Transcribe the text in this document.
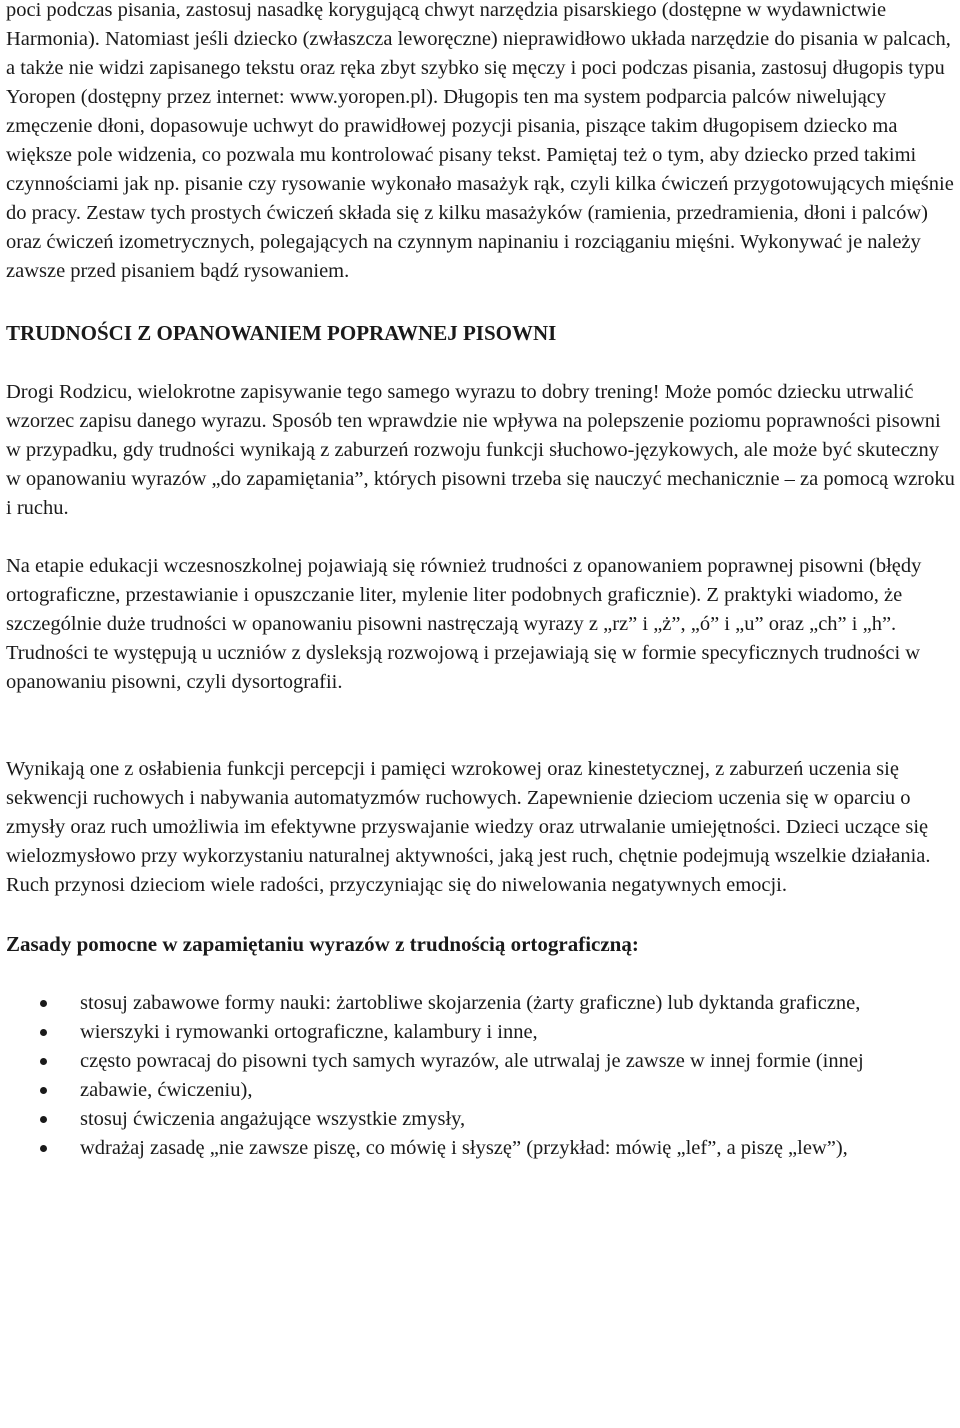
poci podczas pisania, zastosuj nasadkę korygującą chwyt narzędzia pisarskiego (dostępne w wydawnictwie Harmonia). Natomiast jeśli dziecko (zwłaszcza leworęczne) nieprawidłowo układa narzędzie do pisania w palcach, a także nie widzi zapisanego tekstu oraz ręka zbyt szybko się męczy i poci podczas pisania, zastosuj długopis typu Yoropen (dostępny przez internet: www.yoropen.pl). Długopis ten ma system podparcia palców niwelujący zmęczenie dłoni, dopasowuje uchwyt do prawidłowej pozycji pisania, piszące takim długopisem dziecko ma większe pole widzenia, co pozwala mu kontrolować pisany tekst. Pamiętaj też o tym, aby dziecko przed takimi czynnościami jak np. pisanie czy rysowanie wykonało masażyk rąk, czyli kilka ćwiczeń przygotowujących mięśnie do pracy. Zestaw tych prostych ćwiczeń składa się z kilku masażyków (ramienia, przedramienia, dłoni i palców) oraz ćwiczeń izometrycznych, polegających na czynnym napinaniu i rozciąganiu mięśni. Wykonywać je należy zawsze przed pisaniem bądź rysowaniem.

TRUDNOŚCI Z OPANOWANIEM POPRAWNEJ PISOWNI

Drogi Rodzicu, wielokrotne zapisywanie tego samego wyrazu to dobry trening! Może pomóc dziecku utrwalić wzorzec zapisu danego wyrazu. Sposób ten wprawdzie nie wpływa na polepszenie poziomu poprawności pisowni w przypadku, gdy trudności wynikają z zaburzeń rozwoju funkcji słuchowo-językowych, ale może być skuteczny w opanowaniu wyrazów „do zapamiętania”, których pisowni trzeba się nauczyć mechanicznie – za pomocą wzroku i ruchu.

Na etapie edukacji wczesnoszkolnej pojawiają się również trudności z opanowaniem poprawnej pisowni (błędy ortograficzne, przestawianie i opuszczanie liter, mylenie liter podobnych graficznie). Z praktyki wiadomo, że szczególnie duże trudności w opanowaniu pisowni nastręczają wyrazy z „rz” i „ż”, „ó” i „u” oraz „ch” i „h”. Trudności te występują u uczniów z dysleksją rozwojową i przejawiają się w formie specyficznych trudności w opanowaniu pisowni, czyli dysortografii.

Wynikają one z osłabienia funkcji percepcji i pamięci wzrokowej oraz kinestetycznej, z zaburzeń uczenia się sekwencji ruchowych i nabywania automatyzmów ruchowych. Zapewnienie dzieciom uczenia się w oparciu o zmysły oraz ruch umożliwia im efektywne przyswajanie wiedzy oraz utrwalanie umiejętności. Dzieci uczące się wielozmysłowo przy wykorzystaniu naturalnej aktywności, jaką jest ruch, chętnie podejmują wszelkie działania. Ruch przynosi dzieciom wiele radości, przyczyniając się do niwelowania negatywnych emocji.

Zasady pomocne w zapamiętaniu wyrazów z trudnością ortograficzną:
stosuj zabawowe formy nauki: żartobliwe skojarzenia (żarty graficzne) lub dyktanda graficzne,
wierszyki i rymowanki ortograficzne, kalambury i inne,
często powracaj do pisowni tych samych wyrazów, ale utrwalaj je zawsze w innej formie (innej
zabawie, ćwiczeniu),
stosuj ćwiczenia angażujące wszystkie zmysły,
wdrażaj zasadę „nie zawsze piszę, co mówię i słyszę” (przykład: mówię „lef”, a piszę „lew”),
